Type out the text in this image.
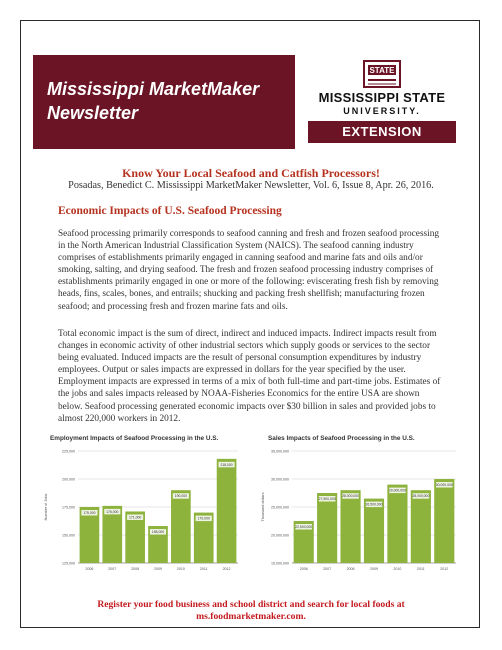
Mississippi MarketMaker
Newsletter
STATE
MISSISSIPPI STATE
UNIVERSITY.
EXTENSION
Know Your Local Seafood and Catfish Processors!
Posadas, Benedict C. Mississippi MarketMaker Newsletter, Vol. 6, Issue 8, Apr. 26, 2016.
Economic Impacts of U.S. Seafood Processing

Seafood processing primarily corresponds to seafood canning and fresh and frozen seafood processing in the North American Industrial Classification System (NAICS). The seafood canning industry comprises of establishments primarily engaged in canning seafood and marine fats and oils and/or smoking, salting, and drying seafood. The fresh and frozen seafood processing industry comprises of establishments primarily engaged in one or more of the following: eviscerating fresh fish by removing heads, fins, scales, bones, and entrails; shucking and packing fresh shellfish; manufacturing frozen seafood; and processing fresh and frozen marine fats and oils.

Total economic impact is the sum of direct, indirect and induced impacts. Indirect impacts result from changes in economic activity of other industrial sectors which supply goods or services to the sector being evaluated. Induced impacts are the result of personal consumption expenditures by industry employees. Output or sales impacts are expressed in dollars for the year specified by the user. Employment impacts are expressed in terms of a mix of both full-time and part-time jobs. Estimates of the jobs and sales impacts released by NOAA-Fisheries Economics for the entire USA are shown below. Seafood processing generated economic impacts over $30 billion in sales and provided jobs to almost 220,000 workers in 2012.

Employment Impacts of Seafood Processing in the U.S.
125,000
150,000
175,000
200,000
225,000
Number of Jobs	175,000
2006
176,000
2007
171,000
2008
158,000
2009
190,000
2010
170,000
2011
218,000
2012
Sales Impacts of Seafood Processing in the U.S.
15,000,000
20,000,000
25,000,000
30,000,000
35,000,000
Thousand dollars
22,500,000
2006
27,500,000
2007
28,000,000
2008
26,500,000
2009
29,000,000
2010
28,000,000
2011
30,000,000
2012
Register your food business and school district and search for local foods at
ms.foodmarketmaker.com.
